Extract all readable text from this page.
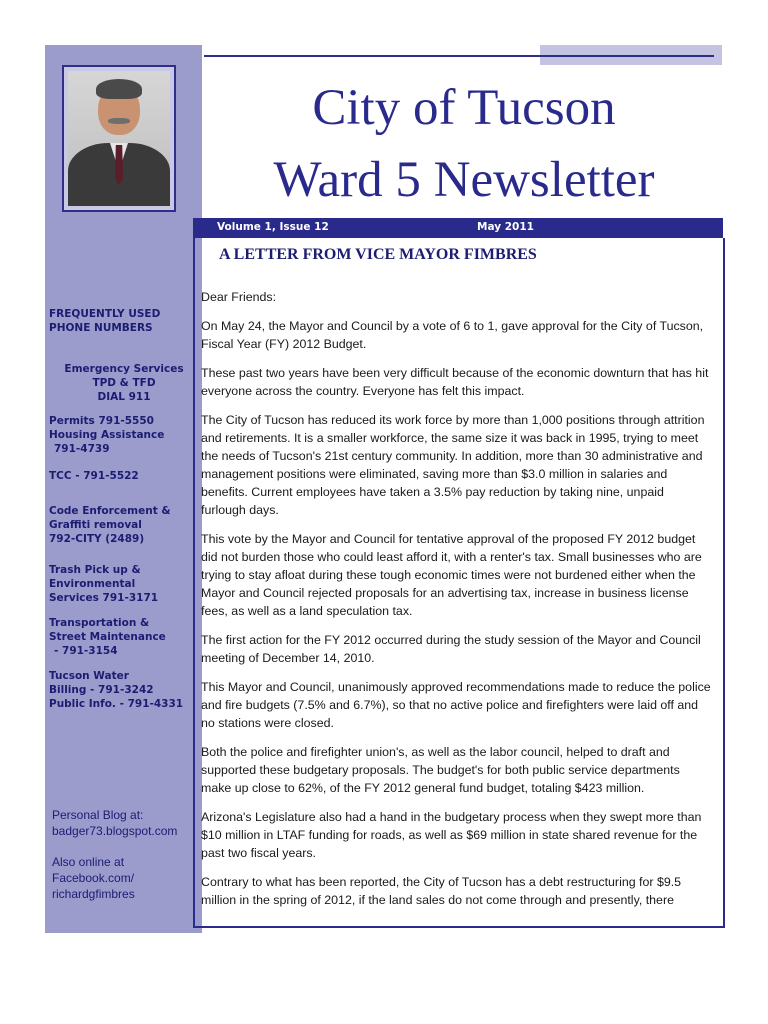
FREQUENTLY USED
PHONE NUMBERS
Emergency Services
TPD & TFD
DIAL 911
Permits 791-5550
Housing Assistance
791-4739
TCC - 791-5522
Code Enforcement &
Graffiti removal
792-CITY (2489)
Trash Pick up &
Environmental
Services 791-3171
Transportation &
Street Maintenance
- 791-3154
Tucson Water
Billing - 791-3242
Public Info. - 791-4331
Personal Blog at:
badger73.blogspot.com
Also online at
Facebook.com/
richardgfimbres
City of Tucson
Ward 5 Newsletter
Volume 1, Issue 12	May 2011
A LETTER FROM VICE MAYOR FIMBRES

Dear Friends:

On May 24, the Mayor and Council by a vote of 6 to 1, gave approval for the City of Tucson, Fiscal Year (FY) 2012 Budget.

These past two years have been very difficult because of the economic downturn that has hit everyone across the country. Everyone has felt this impact.

The City of Tucson has reduced its work force by more than 1,000 positions through attrition and retirements. It is a smaller workforce, the same size it was back in 1995, trying to meet the needs of Tucson's 21st century community. In addition, more than 30 administrative and management positions were eliminated, saving more than $3.0 million in salaries and benefits. Current employees have taken a 3.5% pay reduction by taking nine, unpaid furlough days.

This vote by the Mayor and Council for tentative approval of the proposed FY 2012 budget did not burden those who could least afford it, with a renter's tax. Small businesses who are trying to stay afloat during these tough economic times were not burdened either when the Mayor and Council rejected proposals for an advertising tax, increase in business license fees, as well as a land speculation tax.

The first action for the FY 2012 occurred during the study session of the Mayor and Council meeting of December 14, 2010.

This Mayor and Council, unanimously approved recommendations made to reduce the police and fire budgets (7.5% and 6.7%), so that no active police and firefighters were laid off and no stations were closed.

Both the police and firefighter union's, as well as the labor council, helped to draft and supported these budgetary proposals. The budget's for both public service departments make up close to 62%, of the FY 2012 general fund budget, totaling $423 million.

Arizona's Legislature also had a hand in the budgetary process when they swept more than $10 million in LTAF funding for roads, as well as $69 million in state shared revenue for the past two fiscal years.

Contrary to what has been reported, the City of Tucson has a debt restructuring for $9.5 million in the spring of 2012, if the land sales do not come through and presently, there
